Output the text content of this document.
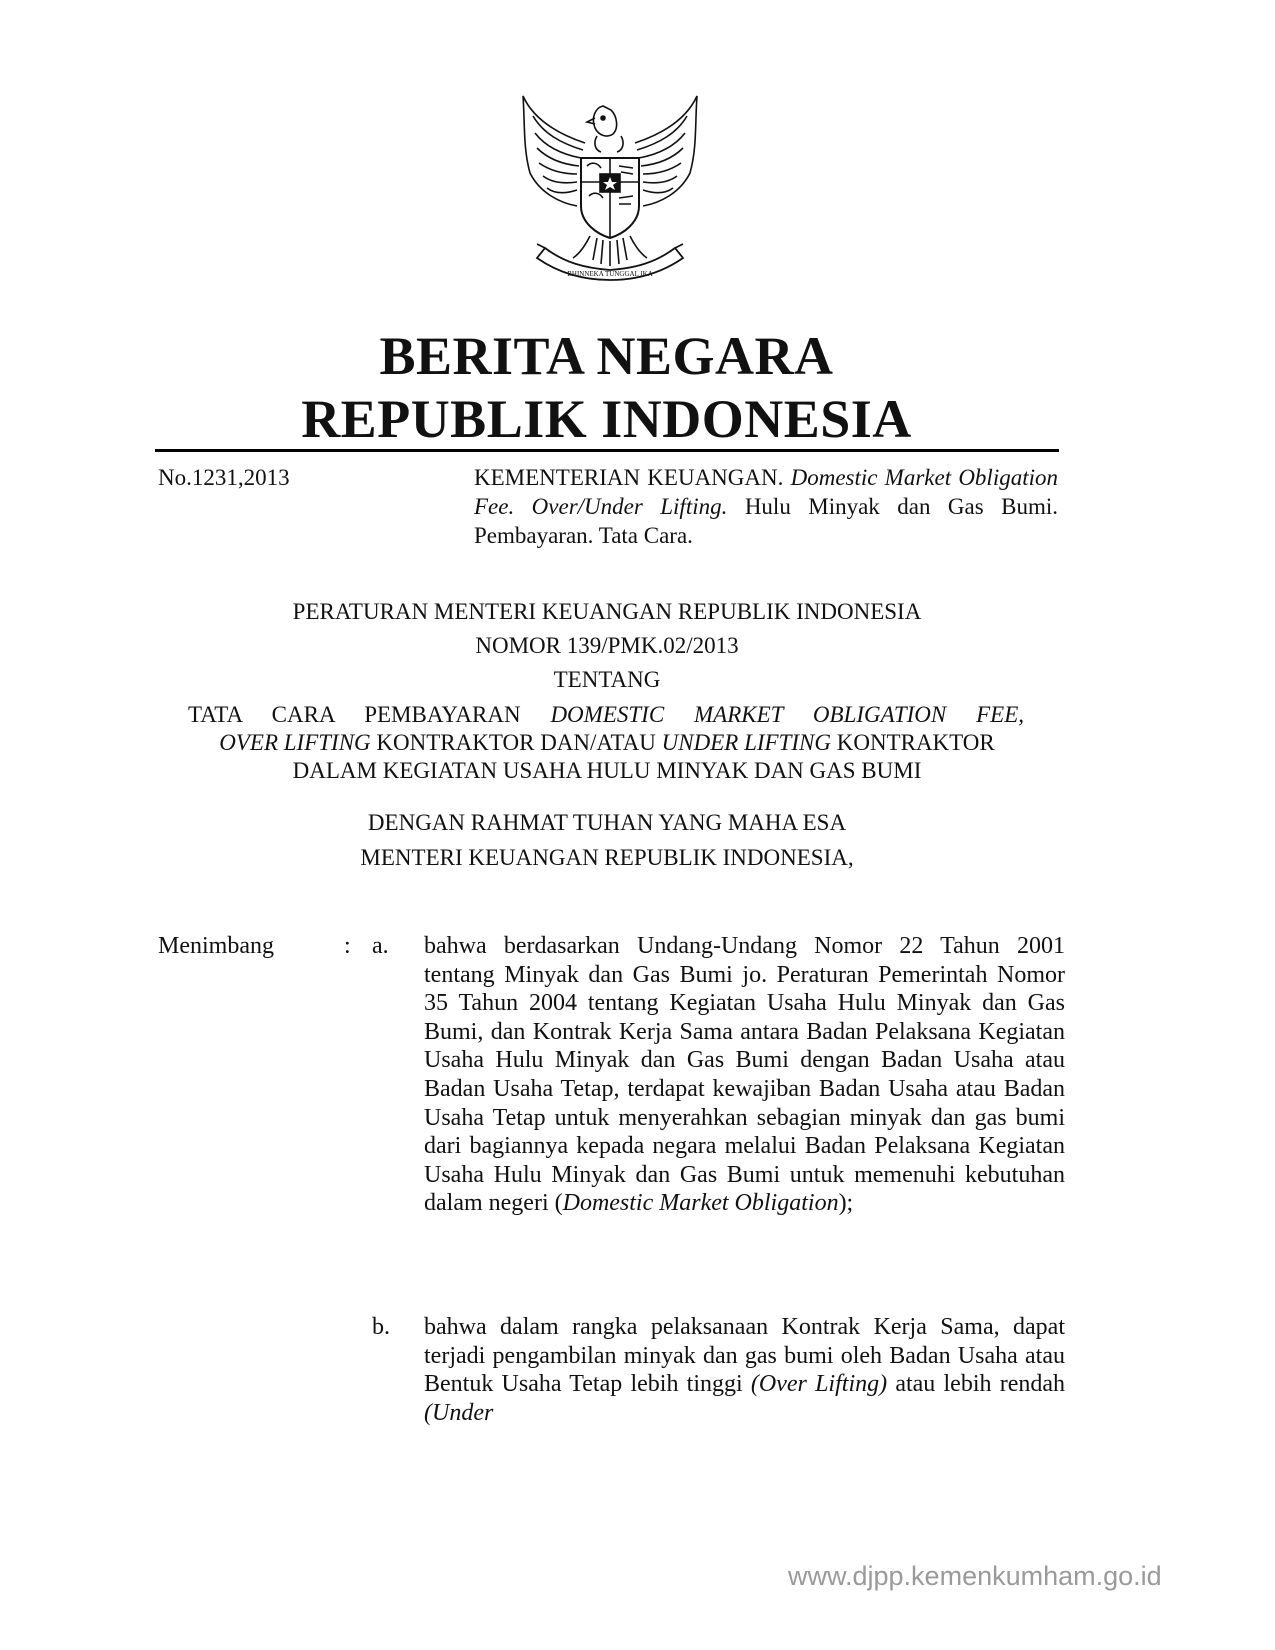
BHINNEKA TUNGGAL IKA
BERITA NEGARA
REPUBLIK INDONESIA
No.1231,2013	KEMENTERIAN KEUANGAN. Domestic Market Obligation Fee. Over/Under Lifting. Hulu Minyak dan Gas Bumi. Pembayaran. Tata Cara.
PERATURAN MENTERI KEUANGAN REPUBLIK INDONESIA
NOMOR 139/PMK.02/2013
TENTANG
TATA CARA PEMBAYARAN DOMESTIC MARKET OBLIGATION FEE,
OVER LIFTING KONTRAKTOR DAN/ATAU UNDER LIFTING KONTRAKTOR
DALAM KEGIATAN USAHA HULU MINYAK DAN GAS BUMI
DENGAN RAHMAT TUHAN YANG MAHA ESA
MENTERI KEUANGAN REPUBLIK INDONESIA,
Menimbang	: a. bahwa berdasarkan Undang-Undang Nomor 22 Tahun 2001 tentang Minyak dan Gas Bumi jo. Peraturan Pemerintah Nomor 35 Tahun 2004 tentang Kegiatan Usaha Hulu Minyak dan Gas Bumi, dan Kontrak Kerja Sama antara Badan Pelaksana Kegiatan Usaha Hulu Minyak dan Gas Bumi dengan Badan Usaha atau Badan Usaha Tetap, terdapat kewajiban Badan Usaha atau Badan Usaha Tetap untuk menyerahkan sebagian minyak dan gas bumi dari bagiannya kepada negara melalui Badan Pelaksana Kegiatan Usaha Hulu Minyak dan Gas Bumi untuk memenuhi kebutuhan dalam negeri (Domestic Market Obligation);
b. bahwa dalam rangka pelaksanaan Kontrak Kerja Sama, dapat terjadi pengambilan minyak dan gas bumi oleh Badan Usaha atau Bentuk Usaha Tetap lebih tinggi (Over Lifting) atau lebih rendah (Under
www.djpp.kemenkumham.go.id
